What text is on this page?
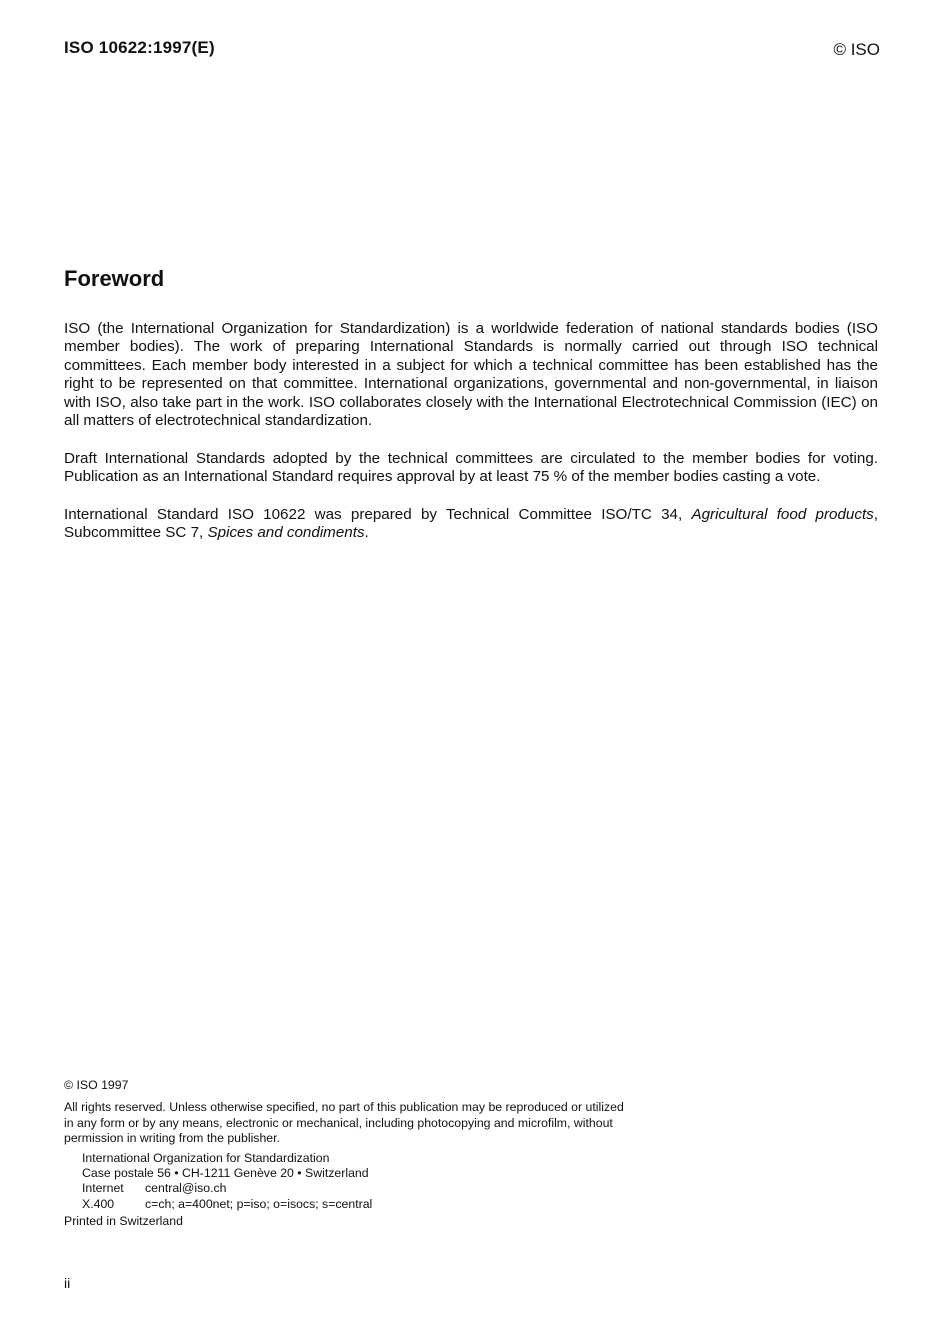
ISO 10622:1997(E)	© ISO
Foreword

ISO (the International Organization for Standardization) is a worldwide federation of national standards bodies (ISO member bodies). The work of preparing International Standards is normally carried out through ISO technical committees. Each member body interested in a subject for which a technical committee has been established has the right to be represented on that committee. International organizations, governmental and non-governmental, in liaison with ISO, also take part in the work. ISO collaborates closely with the International Electrotechnical Commission (IEC) on all matters of electrotechnical standardization.

Draft International Standards adopted by the technical committees are circulated to the member bodies for voting. Publication as an International Standard requires approval by at least 75 % of the member bodies casting a vote.

International Standard ISO 10622 was prepared by Technical Committee ISO/TC 34, Agricultural food products, Subcommittee SC 7, Spices and condiments.

© ISO 1997
All rights reserved. Unless otherwise specified, no part of this publication may be reproduced or utilized in any form or by any means, electronic or mechanical, including photocopying and microfilm, without permission in writing from the publisher.
International Organization for Standardization
Case postale 56 • CH-1211 Genève 20 • Switzerland
Internet central@iso.ch
X.400	c=ch; a=400net; p=iso; o=isocs; s=central
Printed in Switzerland
ii
